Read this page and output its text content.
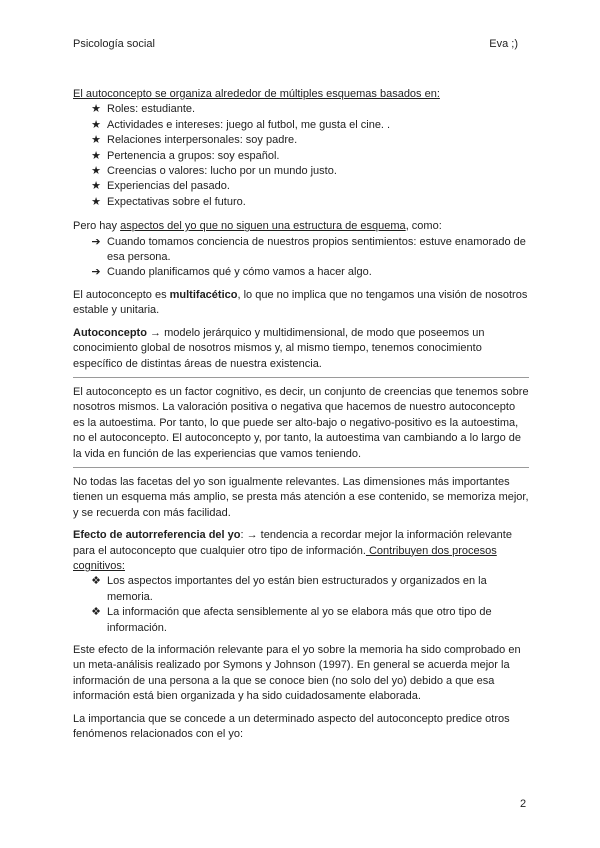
Psicología social	Eva ;)

El autoconcepto se organiza alrededor de múltiples esquemas basados en:

★ Roles: estudiante.
★ Actividades e intereses: juego al futbol, me gusta el cine. .
★ Relaciones interpersonales: soy padre.
★ Pertenencia a grupos: soy español.
★ Creencias o valores: lucho por un mundo justo.
★ Experiencias del pasado.
★ Expectativas sobre el futuro.

Pero hay aspectos del yo que no siguen una estructura de esquema, como:

➔ Cuando tomamos conciencia de nuestros propios sentimientos: estuve enamorado de esa persona.
➔ Cuando planificamos qué y cómo vamos a hacer algo.

El autoconcepto es multifacético, lo que no implica que no tengamos una visión de nosotros estable y unitaria.

Autoconcepto → modelo jerárquico y multidimensional, de modo que poseemos un conocimiento global de nosotros mismos y, al mismo tiempo, tenemos conocimiento específico de distintas áreas de nuestra existencia.

El autoconcepto es un factor cognitivo, es decir, un conjunto de creencias que tenemos sobre nosotros mismos. La valoración positiva o negativa que hacemos de nuestro autoconcepto es la autoestima. Por tanto, lo que puede ser alto-bajo o negativo-positivo es la autoestima, no el autoconcepto. El autoconcepto y, por tanto, la autoestima van cambiando a lo largo de la vida en función de las experiencias que vamos teniendo.

No todas las facetas del yo son igualmente relevantes. Las dimensiones más importantes tienen un esquema más amplio, se presta más atención a ese contenido, se memoriza mejor, y se recuerda con más facilidad.

Efecto de autorreferencia del yo: → tendencia a recordar mejor la información relevante para el autoconcepto que cualquier otro tipo de información. Contribuyen dos procesos cognitivos:

❖ Los aspectos importantes del yo están bien estructurados y organizados en la memoria.
❖ La información que afecta sensiblemente al yo se elabora más que otro tipo de información.

Este efecto de la información relevante para el yo sobre la memoria ha sido comprobado en un meta-análisis realizado por Symons y Johnson (1997). En general se acuerda mejor la información de una persona a la que se conoce bien (no solo del yo) debido a que esa información está bien organizada y ha sido cuidadosamente elaborada.

La importancia que se concede a un determinado aspecto del autoconcepto predice otros fenómenos relacionados con el yo:

2
